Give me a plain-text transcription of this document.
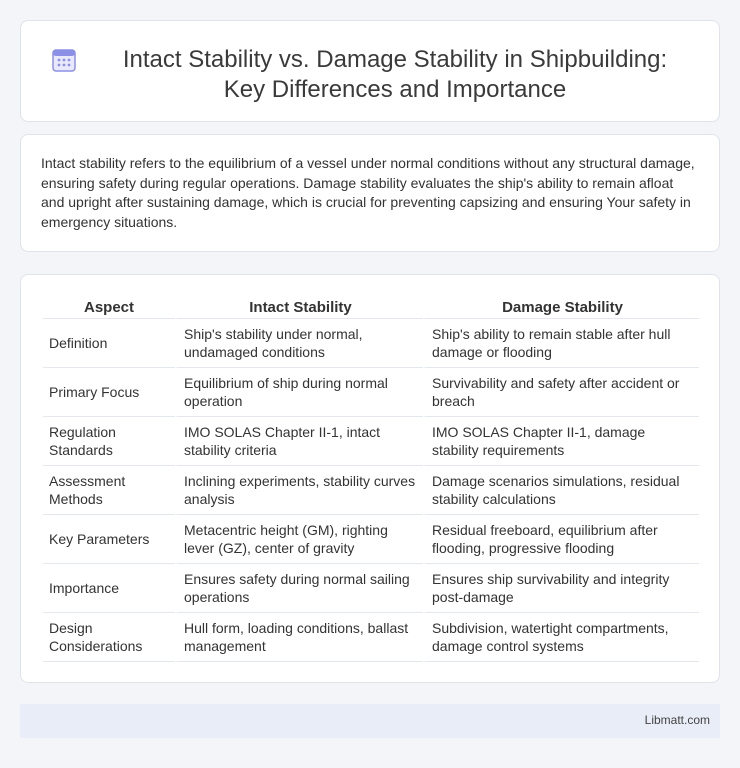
Intact Stability vs. Damage Stability in Shipbuilding: Key Differences and Importance

Intact stability refers to the equilibrium of a vessel under normal conditions without any structural damage, ensuring safety during regular operations. Damage stability evaluates the ship's ability to remain afloat and upright after sustaining damage, which is crucial for preventing capsizing and ensuring Your safety in emergency situations.

Aspect	Intact Stability	Damage Stability
Definition	Ship's stability under normal, undamaged conditions	Ship's ability to remain stable after hull damage or flooding
Primary Focus	Equilibrium of ship during normal operation	Survivability and safety after accident or breach
Regulation Standards	IMO SOLAS Chapter II-1, intact stability criteria	IMO SOLAS Chapter II-1, damage stability requirements
Assessment Methods	Inclining experiments, stability curves analysis	Damage scenarios simulations, residual stability calculations
Key Parameters	Metacentric height (GM), righting lever (GZ), center of gravity	Residual freeboard, equilibrium after flooding, progressive flooding
Importance	Ensures safety during normal sailing operations	Ensures ship survivability and integrity post-damage
Design Considerations	Hull form, loading conditions, ballast management	Subdivision, watertight compartments, damage control systems
Libmatt.com
